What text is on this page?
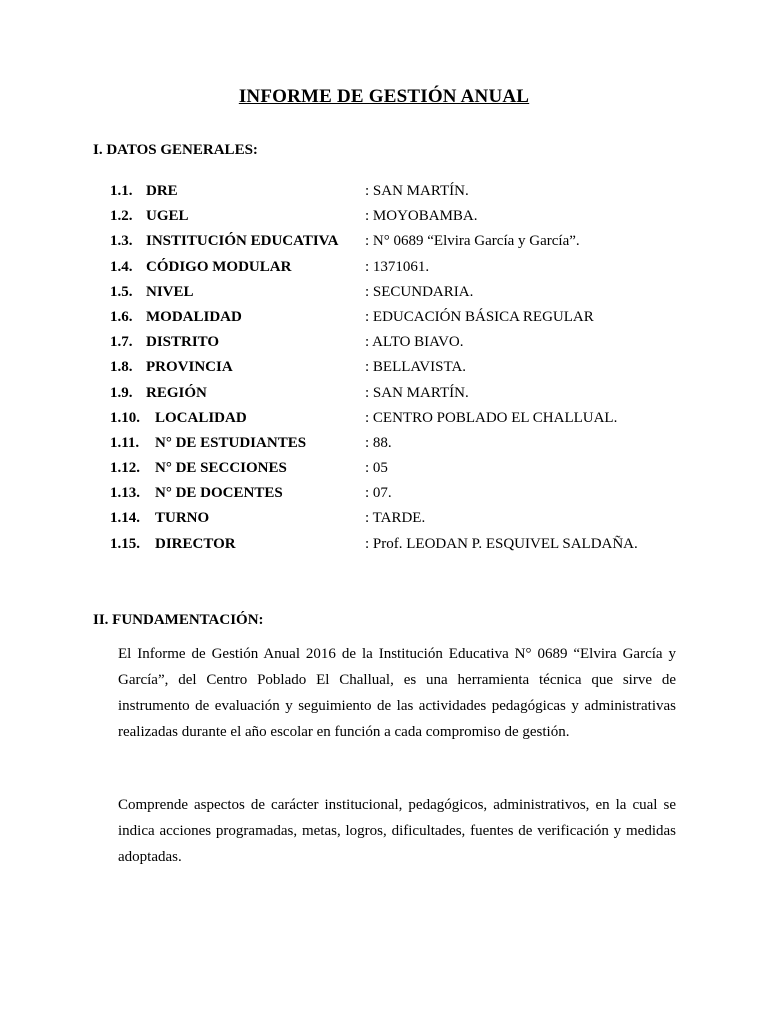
INFORME DE GESTIÓN ANUAL
I. DATOS GENERALES:
1.1. DRE	: SAN MARTÍN.
1.2. UGEL	: MOYOBAMBA.
1.3. INSTITUCIÓN EDUCATIVA : N° 0689 “Elvira García y García”.
1.4. CÓDIGO MODULAR	: 1371061.
1.5. NIVEL	: SECUNDARIA.
1.6. MODALIDAD	: EDUCACIÓN BÁSICA REGULAR
1.7. DISTRITO	: ALTO BIAVO.
1.8. PROVINCIA	: BELLAVISTA.
1.9. REGIÓN	: SAN MARTÍN.
1.10. LOCALIDAD	: CENTRO POBLADO EL CHALLUAL.
1.11. N° DE ESTUDIANTES	: 88.
1.12. N° DE SECCIONES	: 05
1.13. N° DE DOCENTES	: 07.
1.14. TURNO	: TARDE.
1.15. DIRECTOR	: Prof. LEODAN P. ESQUIVEL SALDAÑA.
II. FUNDAMENTACIÓN:
El Informe de Gestión Anual 2016 de la Institución Educativa N° 0689 “Elvira García y García”, del Centro Poblado El Challual, es una herramienta técnica que sirve de instrumento de evaluación y seguimiento de las actividades pedagógicas y administrativas realizadas durante el año escolar en función a cada compromiso de gestión.
Comprende aspectos de carácter institucional, pedagógicos, administrativos, en la cual se indica acciones programadas, metas, logros, dificultades, fuentes de verificación y medidas adoptadas.
